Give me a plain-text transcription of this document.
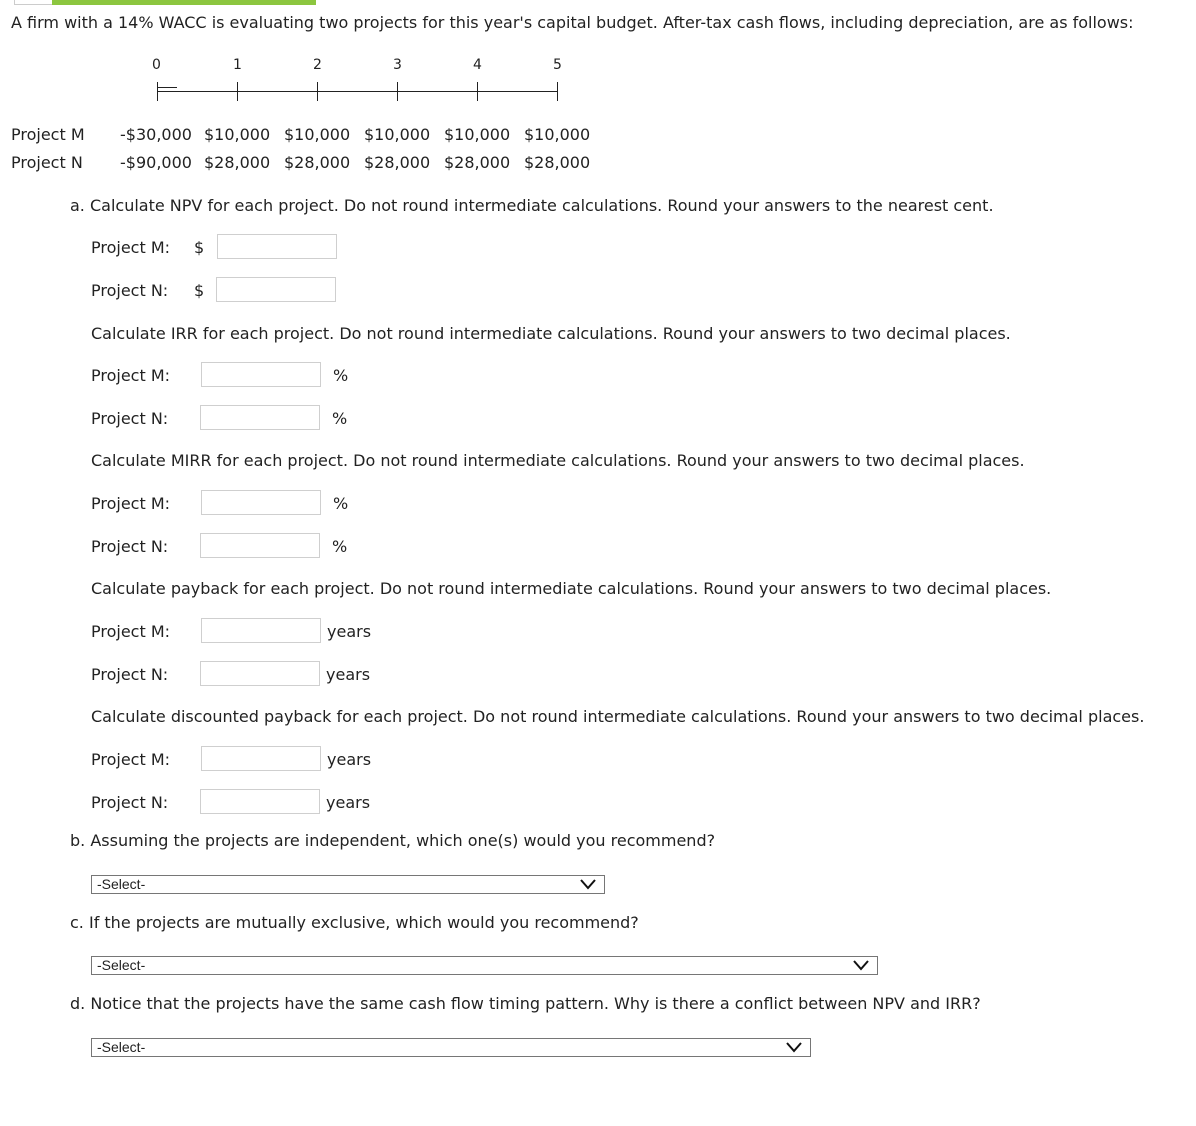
A firm with a 14% WACC is evaluating two projects for this year's capital budget. After-tax cash flows, including depreciation, are as follows:
0	1	2	3	4	5
Project M -$30,000 $10,000 $10,000 $10,000 $10,000 $10,000
Project N -$90,000 $28,000 $28,000 $28,000 $28,000 $28,000
a. Calculate NPV for each project. Do not round intermediate calculations. Round your answers to the nearest cent.
Project M: $
Project N: $
Calculate IRR for each project. Do not round intermediate calculations. Round your answers to two decimal places.
Project M:	%
Project N:	%
Calculate MIRR for each project. Do not round intermediate calculations. Round your answers to two decimal places.
Project M:	%
Project N:	%
Calculate payback for each project. Do not round intermediate calculations. Round your answers to two decimal places.
Project M:	years
Project N:	years
Calculate discounted payback for each project. Do not round intermediate calculations. Round your answers to two decimal places.
Project M:	years
Project N:	years
b. Assuming the projects are independent, which one(s) would you recommend?
-Select-
c. If the projects are mutually exclusive, which would you recommend?
-Select-
d. Notice that the projects have the same cash flow timing pattern. Why is there a conflict between NPV and IRR?
-Select-
